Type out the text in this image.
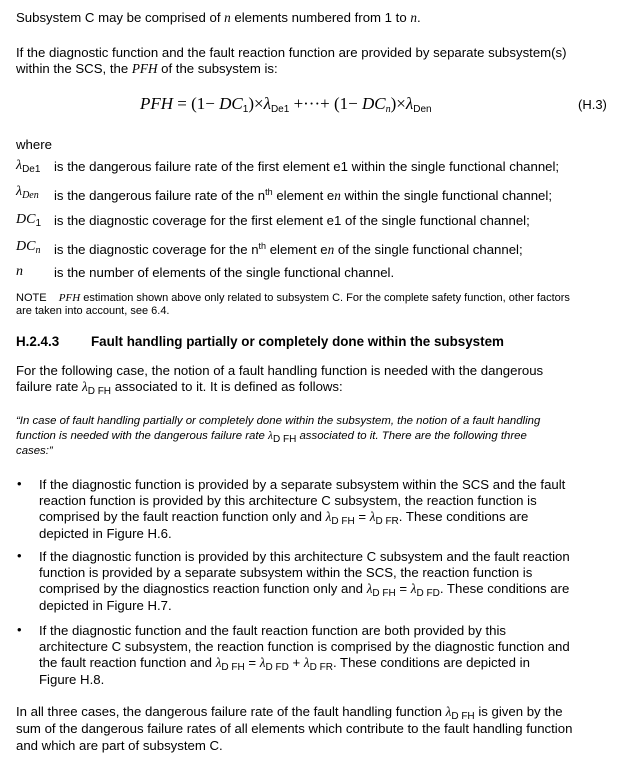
Subsystem C may be comprised of n elements numbered from 1 to n.
If the diagnostic function and the fault reaction function are provided by separate subsystem(s)
within the SCS, the PFH of the subsystem is:
PFH = $(1- DC_1)\times\lambda_{De1}$ +···+ $(1- DCn)\times\lambda_{Den}$	(H.3)
where
$\lambda_{De1}$ is the dangerous failure rate of the first element e1 within the single functional channel;
$\lambda_{Den}$ is the dangerous failure rate of the $n^{th}$ element en within the single functional channel;
$DC_1$ is the diagnostic coverage for the first element e1 of the single functional channel;
$DC_n$ is the diagnostic coverage for the $n^{th}$ element en of the single functional channel;
n is the number of elements of the single functional channel.
NOTE PFH estimation shown above only related to subsystem C. For the complete safety function, other factors
are taken into account, see 6.4.
H.2.4.3 Fault handling partially or completely done within the subsystem
For the following case, the notion of a fault handling function is needed with the dangerous
failure rate $\lambda_{D FH}$ associated to it. It is defined as follows:
“In case of fault handling partially or completely done within the subsystem, the notion of a fault handling
function is needed with the dangerous failure rate λD FH associated to it. There are the following three
cases:”
• If the diagnostic function is provided by a separate subsystem within the SCS and the fault
reaction function is provided by this architecture C subsystem, the reaction function is
comprised by the fault reaction function only and $\lambda_{D FH} = \lambda_{D FR}$. These conditions are
depicted in Figure H.6.
• If the diagnostic function is provided by this architecture C subsystem and the fault reaction
function is provided by a separate subsystem within the SCS, the reaction function is
comprised by the diagnostics reaction function only and $\lambda_{D FH} = \lambda_{D FD}$. These conditions are
depicted in Figure H.7.
• If the diagnostic function and the fault reaction function are both provided by this
architecture C subsystem, the reaction function is comprised by the diagnostic function and
the fault reaction function and $\lambda_{D FH} = \lambda_{D FD} + \lambda_{D FR}$. These conditions are depicted in
Figure H.8.
In all three cases, the dangerous failure rate of the fault handling function $\lambda_{D FH}$ is given by the
sum of the dangerous failure rates of all elements which contribute to the fault handling function
and which are part of subsystem C.
